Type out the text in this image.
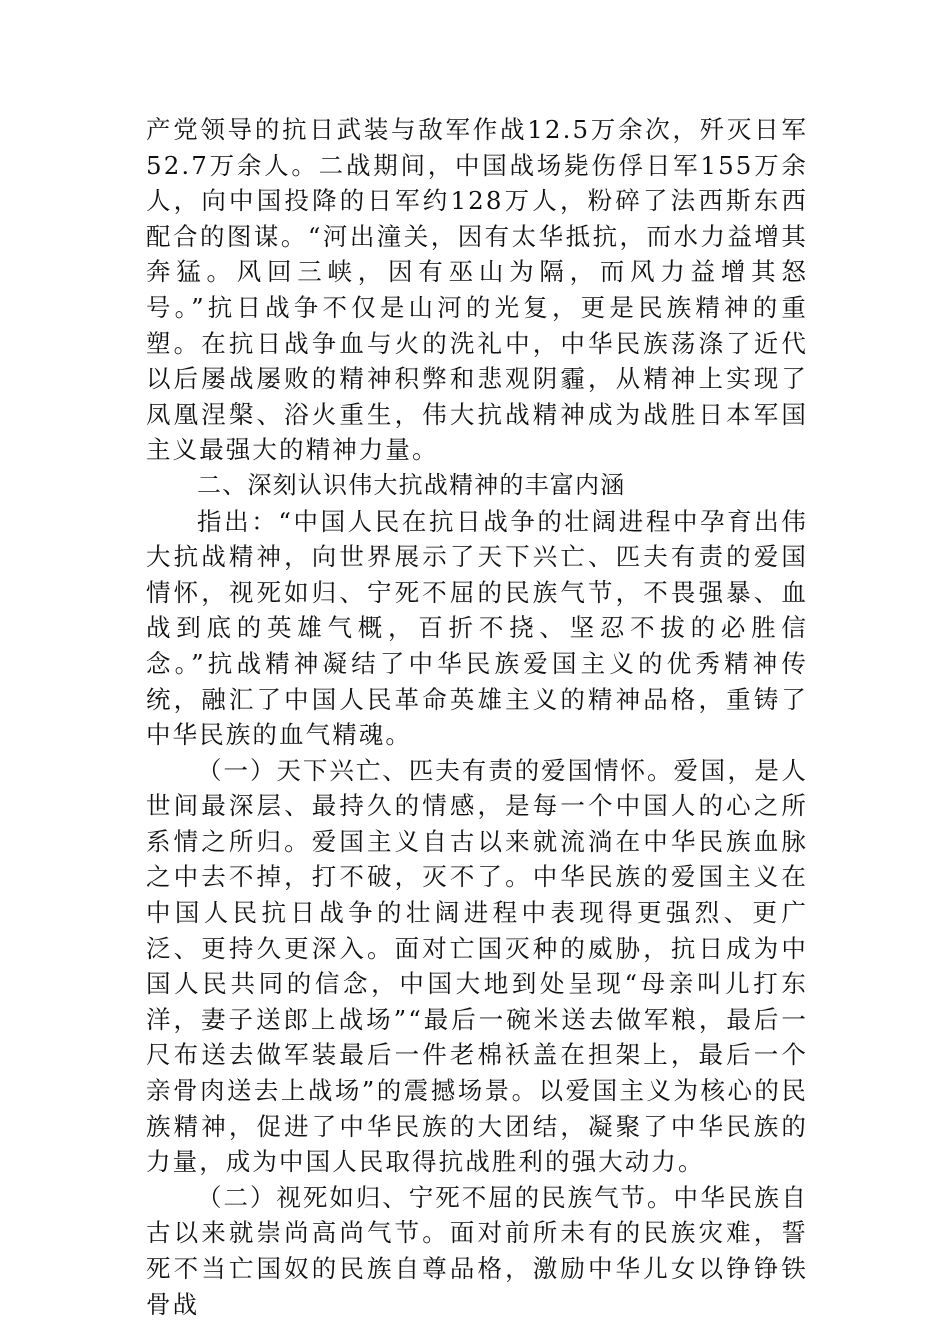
产党领导的抗日武装与敌军作战12.5万余次，歼灭日军52.7万余人。二战期间，中国战场毙伤俘日军155万余人，向中国投降的日军约128万人，粉碎了法西斯东西配合的图谋。“河出潼关，因有太华抵抗，而水力益增其奔猛。风回三峡，因有巫山为隔，而风力益增其怒号。”抗日战争不仅是山河的光复，更是民族精神的重塑。在抗日战争血与火的洗礼中，中华民族荡涤了近代以后屡战屡败的精神积弊和悲观阴霾，从精神上实现了凤凰涅槃、浴火重生，伟大抗战精神成为战胜日本军国主义最强大的精神力量。

二、深刻认识伟大抗战精神的丰富内涵

指出：“中国人民在抗日战争的壮阔进程中孕育出伟大抗战精神，向世界展示了天下兴亡、匹夫有责的爱国情怀，视死如归、宁死不屈的民族气节，不畏强暴、血战到底的英雄气概，百折不挠、坚忍不拔的必胜信念。”抗战精神凝结了中华民族爱国主义的优秀精神传统，融汇了中国人民革命英雄主义的精神品格，重铸了中华民族的血气精魂。

（一）天下兴亡、匹夫有责的爱国情怀。爱国，是人世间最深层、最持久的情感，是每一个中国人的心之所系情之所归。爱国主义自古以来就流淌在中华民族血脉之中去不掉，打不破，灭不了。中华民族的爱国主义在中国人民抗日战争的壮阔进程中表现得更强烈、更广泛、更持久更深入。面对亡国灭种的威胁，抗日成为中国人民共同的信念，中国大地到处呈现“母亲叫儿打东洋，妻子送郎上战场”“最后一碗米送去做军粮，最后一尺布送去做军装最后一件老棉袄盖在担架上，最后一个亲骨肉送去上战场”的震撼场景。以爱国主义为核心的民族精神，促进了中华民族的大团结，凝聚了中华民族的力量，成为中国人民取得抗战胜利的强大动力。

（二）视死如归、宁死不屈的民族气节。中华民族自古以来就崇尚高尚气节。面对前所未有的民族灾难，誓死不当亡国奴的民族自尊品格，激励中华儿女以铮铮铁骨战
